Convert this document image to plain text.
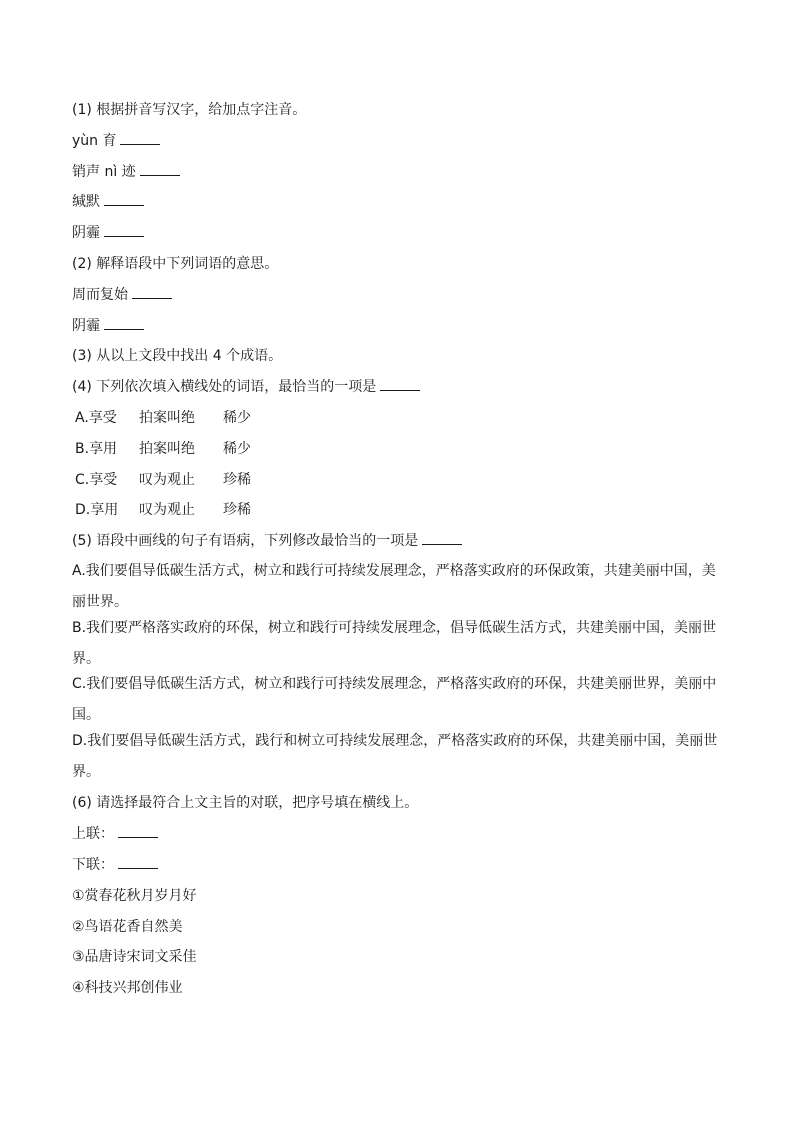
(1) 根据拼音写汉字，给加点字注音。
yùn 育
销声 nì 迹
缄默
阴霾
(2) 解释语段中下列词语的意思。
周而复始
阴霾
(3) 从以上文段中找出 4 个成语。
(4) 下列依次填入横线处的词语，最恰当的一项是
A.享受	拍案叫绝	稀少
B.享用	拍案叫绝	稀少
C.享受	叹为观止	珍稀
D.享用	叹为观止	珍稀
(5) 语段中画线的句子有语病，下列修改最恰当的一项是
A.我们要倡导低碳生活方式，树立和践行可持续发展理念，严格落实政府的环保政策，共建美丽中国，美丽世界。
B.我们要严格落实政府的环保，树立和践行可持续发展理念，倡导低碳生活方式，共建美丽中国，美丽世界。
C.我们要倡导低碳生活方式，树立和践行可持续发展理念，严格落实政府的环保，共建美丽世界，美丽中国。
D.我们要倡导低碳生活方式，践行和树立可持续发展理念，严格落实政府的环保，共建美丽中国，美丽世界。
(6) 请选择最符合上文主旨的对联，把序号填在横线上。
上联：
下联：
①赏春花秋月岁月好
②鸟语花香自然美
③品唐诗宋词文采佳
④科技兴邦创伟业
